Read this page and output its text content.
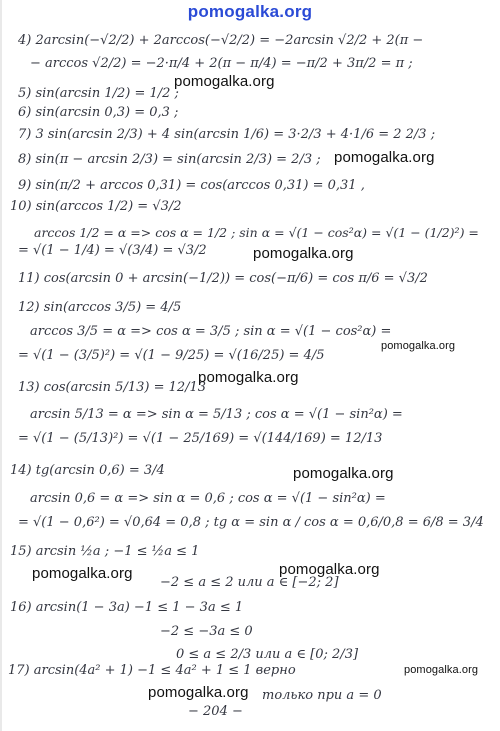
pomogalka.org
4) 2arcsin(−√2/2) + 2arccos(−√2/2) = −2arcsin √2/2 + 2(π −
− arccos √2/2) = −2·π/4 + 2(π − π/4) = −π/2 + 3π/2 = π ;
5) sin(arcsin 1/2) = 1/2 ;
6) sin(arcsin 0,3) = 0,3 ;
7) 3 sin(arcsin 2/3) + 4 sin(arcsin 1/6) = 3·2/3 + 4·1/6 = 2 2/3 ;
8) sin(π − arcsin 2/3) = sin(arcsin 2/3) = 2/3 ;
9) sin(π/2 + arccos 0,31) = cos(arccos 0,31) = 0,31 ,
10) sin(arccos 1/2) = √3/2
arccos 1/2 = α => cos α = 1/2 ; sin α = √(1 − cos²α) = √(1 − (1/2)²) =
= √(1 − 1/4) = √(3/4) = √3/2
11) cos(arcsin 0 + arcsin(−1/2)) = cos(−π/6) = cos π/6 = √3/2
12) sin(arccos 3/5) = 4/5
arccos 3/5 = α => cos α = 3/5 ; sin α = √(1 − cos²α) =
= √(1 − (3/5)²) = √(1 − 9/25) = √(16/25) = 4/5
13) cos(arcsin 5/13) = 12/13
arcsin 5/13 = α => sin α = 5/13 ; cos α = √(1 − sin²α) =
= √(1 − (5/13)²) = √(1 − 25/169) = √(144/169) = 12/13
14) tg(arcsin 0,6) = 3/4
arcsin 0,6 = α => sin α = 0,6 ; cos α = √(1 − sin²α) =
= √(1 − 0,6²) = √0,64 = 0,8 ; tg α = sin α / cos α = 0,6/0,8 = 6/8 = 3/4
15) arcsin ½a ; −1 ≤ ½a ≤ 1
−2 ≤ a ≤ 2 или a ∈ [−2; 2]
16) arcsin(1 − 3a) −1 ≤ 1 − 3a ≤ 1
−2 ≤ −3a ≤ 0
0 ≤ a ≤ 2/3 или a ∈ [0; 2/3]
17) arcsin(4a² + 1) −1 ≤ 4a² + 1 ≤ 1 верно
только при a = 0
− 204 −
pomogalka.org
pomogalka.org
pomogalka.org
pomogalka.org
pomogalka.org
pomogalka.org
pomogalka.org	pomogalka.org
pomogalka.org
pomogalka.org
